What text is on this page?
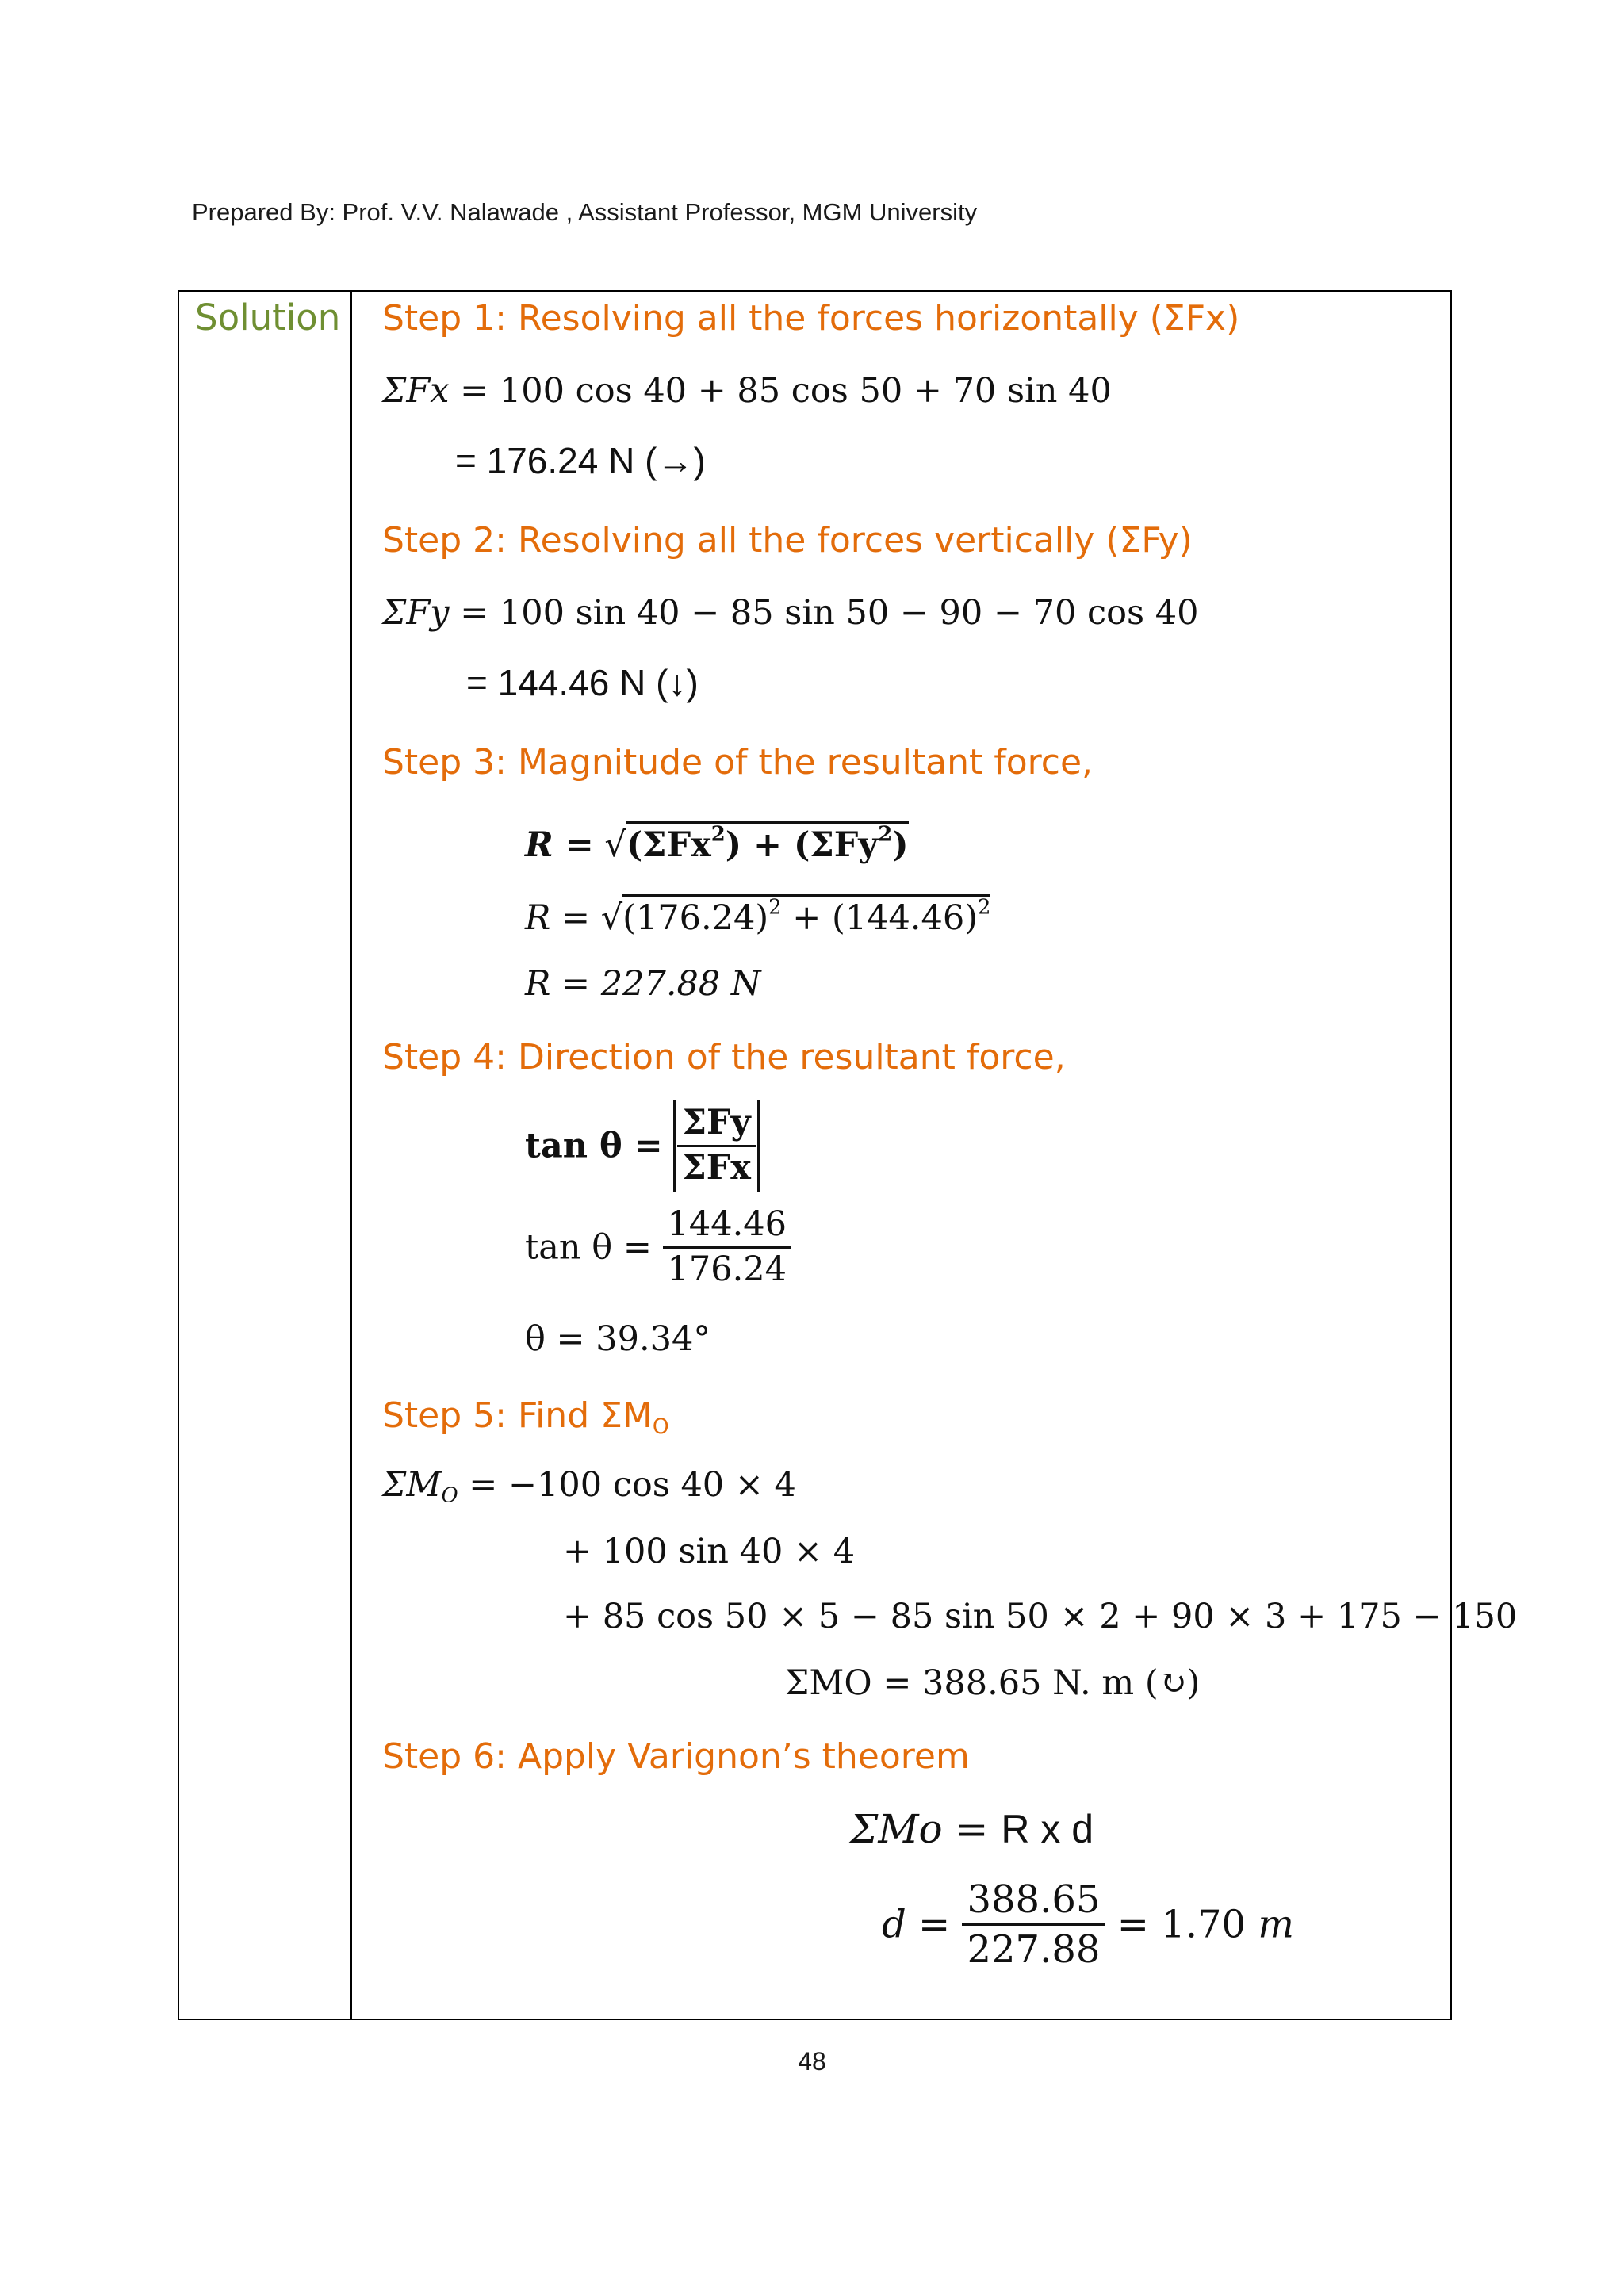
Prepared By: Prof. V.V. Nalawade , Assistant Professor, MGM University
Solution Step 1: Resolving all the forces horizontally (ΣFx)
ΣFx = 100 cos 40 + 85 cos 50 + 70 sin 40
= 176.24 N (→)
Step 2: Resolving all the forces vertically (ΣFy)
ΣFy = 100 sin 40 − 85 sin 50 − 90 − 70 cos 40
= 144.46 N (↓)
Step 3: Magnitude of the resultant force,
R = √(ΣFx$^2$) + (ΣFy$^2$)
$R = √(176.24)^2 + (144.46)^2$
R = 227.88 N
Step 4: Direction of the resultant force,
$\tan \theta = \frac{\text{ΣFy}}{\text{ΣFx}}$
$\tan \theta = \frac{144.46}{176.24}$
θ = 39.34°
Step 5: Find $\Sigma M_O$
$\Sigma M_O = -100$ cos 40 × 4
+ 100 sin 40 × 4
+ 85 cos 50 × 5 − 85 sin 50 × 2 + 90 × 3 + 175 − 150
ΣMO = 388.65 N. m (↻)
Step 6: Apply Varignon’s theorem
ΣMo = R x d
$d = \frac{388.65}{227.88} = 1.70$ m
48
